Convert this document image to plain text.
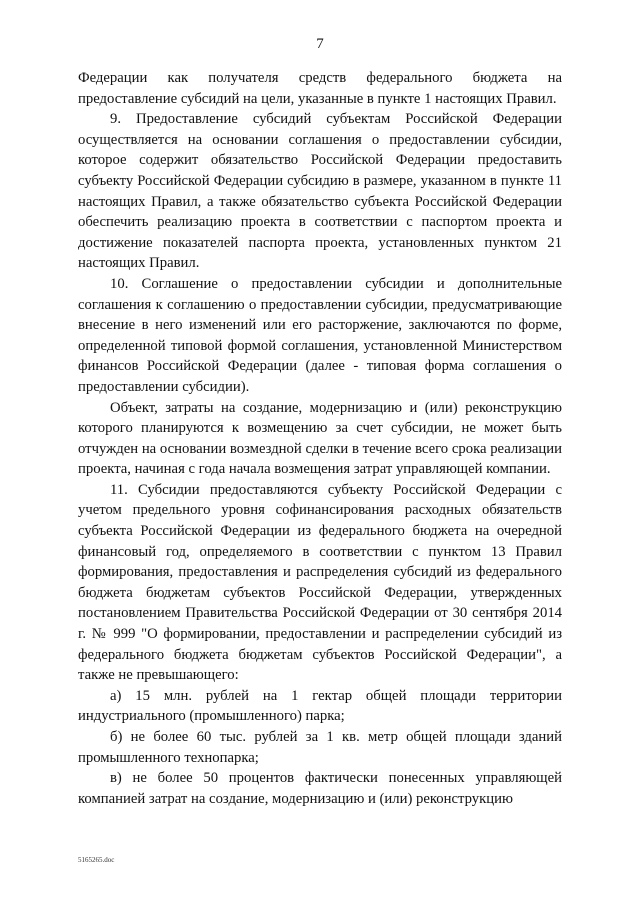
7

Федерации как получателя средств федерального бюджета на предоставление субсидий на цели, указанные в пункте 1 настоящих Правил.

9. Предоставление субсидий субъектам Российской Федерации осуществляется на основании соглашения о предоставлении субсидии, которое содержит обязательство Российской Федерации предоставить субъекту Российской Федерации субсидию в размере, указанном в пункте 11 настоящих Правил, а также обязательство субъекта Российской Федерации обеспечить реализацию проекта в соответствии с паспортом проекта и достижение показателей паспорта проекта, установленных пунктом 21 настоящих Правил.

10. Соглашение о предоставлении субсидии и дополнительные соглашения к соглашению о предоставлении субсидии, предусматривающие внесение в него изменений или его расторжение, заключаются по форме, определенной типовой формой соглашения, установленной Министерством финансов Российской Федерации (далее - типовая форма соглашения о предоставлении субсидии).

Объект, затраты на создание, модернизацию и (или) реконструкцию которого планируются к возмещению за счет субсидии, не может быть отчужден на основании возмездной сделки в течение всего срока реализации проекта, начиная с года начала возмещения затрат управляющей компании.

11. Субсидии предоставляются субъекту Российской Федерации с учетом предельного уровня софинансирования расходных обязательств субъекта Российской Федерации из федерального бюджета на очередной финансовый год, определяемого в соответствии с пунктом 13 Правил формирования, предоставления и распределения субсидий из федерального бюджета бюджетам субъектов Российской Федерации, утвержденных постановлением Правительства Российской Федерации от 30 сентября 2014 г. № 999 "О формировании, предоставлении и распределении субсидий из федерального бюджета бюджетам субъектов Российской Федерации", а также не превышающего:

а) 15 млн. рублей на 1 гектар общей площади территории индустриального (промышленного) парка;

б) не более 60 тыс. рублей за 1 кв. метр общей площади зданий промышленного технопарка;

в) не более 50 процентов фактически понесенных управляющей компанией затрат на создание, модернизацию и (или) реконструкцию

5165265.doc
